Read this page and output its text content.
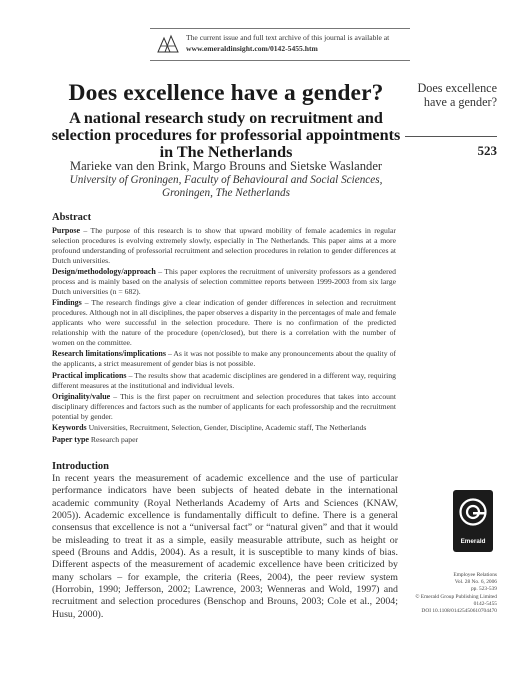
The current issue and full text archive of this journal is available at
www.emeraldinsight.com/0142-5455.htm
Does excellence have a gender?
A national research study on recruitment and selection procedures for professorial appointments in The Netherlands
Marieke van den Brink, Margo Brouns and Sietske Waslander
University of Groningen, Faculty of Behavioural and Social Sciences,
Groningen, The Netherlands
Does excellence
have a gender?
523
Abstract

Purpose – The purpose of this research is to show that upward mobility of female academics in regular selection procedures is evolving extremely slowly, especially in The Netherlands. This paper aims at a more profound understanding of professorial recruitment and selection procedures in relation to gender differences at Dutch universities.

Design/methodology/approach – This paper explores the recruitment of university professors as a gendered process and is mainly based on the analysis of selection committee reports between 1999-2003 from six large Dutch universities (n = 682).

Findings – The research findings give a clear indication of gender differences in selection and recruitment procedures. Although not in all disciplines, the paper observes a disparity in the percentages of male and female applicants who were successful in the selection procedure. There is no confirmation of the predicted relationship with the nature of the procedure (open/closed), but there is a correlation with the number of women on the committee.

Research limitations/implications – As it was not possible to make any pronouncements about the quality of the applicants, a strict measurement of gender bias is not possible.

Practical implications – The results show that academic disciplines are gendered in a different way, requiring different measures at the institutional and individual levels.

Originality/value – This is the first paper on recruitment and selection procedures that takes into account disciplinary differences and factors such as the number of applicants for each professorship and the recruitment potential by gender.

Keywords Universities, Recruitment, Selection, Gender, Discipline, Academic staff, The Netherlands

Paper type Research paper

Introduction

In recent years the measurement of academic excellence and the use of particular performance indicators have been subjects of heated debate in the international academic community (Royal Netherlands Academy of Arts and Sciences (KNAW, 2005)). Academic excellence is fundamentally difficult to define. There is a general consensus that excellence is not a “universal fact” or “natural given” and that it would be misleading to treat it as a simple, easily measurable attribute, such as height or speed (Brouns and Addis, 2004). As a result, it is susceptible to many kinds of bias. Different aspects of the measurement of academic excellence have been criticized by many scholars – for example, the criteria (Rees, 2004), the peer review system (Horrobin, 1990; Jefferson, 2002; Lawrence, 2003; Wenneras and Wold, 1997) and recruitment and selection procedures (Benschop and Brouns, 2003; Cole et al., 2004; Husu, 2000).

Emerald
Employee Relations
Vol. 28 No. 6, 2006
pp. 523-539
© Emerald Group Publishing Limited
0142-5455
DOI 10.1108/01425450610704470
